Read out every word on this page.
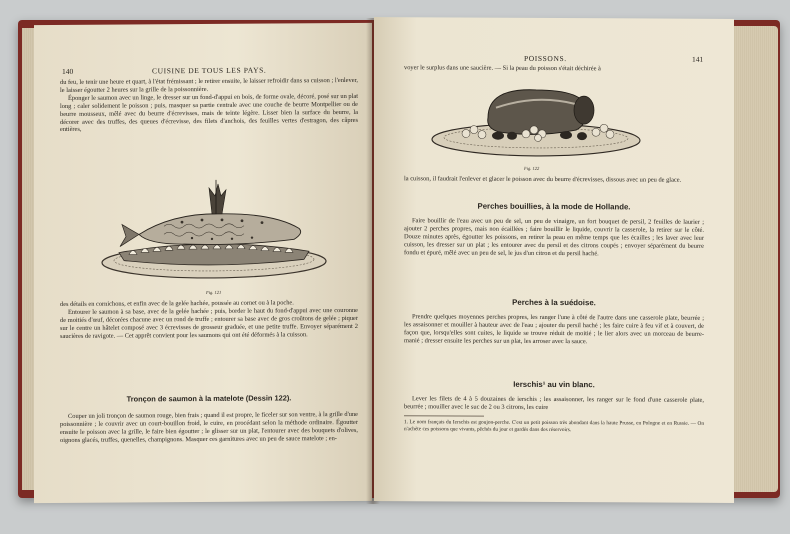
140	CUISINE DE TOUS LES PAYS.

du feu, le tenir une heure et quart, à l'état frémissant ; le retirer ensuite, le laisser refroidir dans sa cuisson ; l'enlever, le laisser égoutter 2 heures sur la grille de la poissonnière.

Éponger le saumon avec un linge, le dresser sur un fond-d'appui en bois, de forme ovale, décoré, posé sur un plat long ; caler solidement le poisson ; puis, masquer sa partie centrale avec une couche de beurre Montpellier ou de beurre mousseux, mêlé avec du beurre d'écrevisses, mais de teinte légère. Lisser bien la surface du beurre, la décorer avec des truffes, des queues d'écrevisse, des filets d'anchois, des feuilles vertes d'estragon, des câpres entières,

Fig. 121

des détails en cornichons, et enfin avec de la gelée hachée, poussée au cornet ou à la poche.

Entourer le saumon à sa base, avec de la gelée hachée ; puis, border le haut du fond-d'appui avec une couronne de moitiés d'œuf, décorées chacune avec un rond de truffe ; entourer sa base avec de gros croûtons de gelée ; piquer sur le centre un hâtelet composé avec 3 écrevisses de grosseur graduée, et une petite truffe. Envoyer séparément 2 saucières de ravigote. — Cet apprêt convient pour les saumons qui ont été déformés à la cuisson.

Tronçon de saumon à la matelote (Dessin 122).

Couper un joli tronçon de saumon rouge, bien frais ; quand il est propre, le ficeler sur son ventre, à la grille d'une poissonnière ; le couvrir avec un court-bouillon froid, le cuire, en procédant selon la méthode ordinaire. Égoutter ensuite le poisson avec la grille, le faire bien égoutter ; le glisser sur un plat, l'entourer avec des bouquets d'olives, oignons glacés, truffes, quenelles, champignons. Masquer ces garnitures avec un peu de sauce matelote ; en-

POISSONS.	141

voyer le surplus dans une saucière. — Si la peau du poisson s'était déchirée à

Fig. 122

la cuisson, il faudrait l'enlever et glacer le poisson avec du beurre d'écrevisses, dissous avec un peu de glace.

Perches bouillies, à la mode de Hollande.

Faire bouillir de l'eau avec un peu de sel, un peu de vinaigre, un fort bouquet de persil, 2 feuilles de laurier ; ajouter 2 perches propres, mais non écaillées ; faire bouillir le liquide, couvrir la casserole, la retirer sur le côté. Douze minutes après, égoutter les poissons, en retirer la peau en même temps que les écailles ; les laver avec leur cuisson, les dresser sur un plat ; les entourer avec du persil et des citrons coupés ; envoyer séparément du beurre fondu et épuré, mêlé avec un peu de sel, le jus d'un citron et du persil haché.

Perches à la suédoise.

Prendre quelques moyennes perches propres, les ranger l'une à côté de l'autre dans une casserole plate, beurrée ; les assaisonner et mouiller à hauteur avec de l'eau ; ajouter du persil haché ; les faire cuire à feu vif et à couvert, de façon que, lorsqu'elles sont cuites, le liquide se trouve réduit de moitié ; le lier alors avec un morceau de beurre-manié ; dresser ensuite les perches sur un plat, les arroser avec la sauce.

Ierschis¹ au vin blanc.

Lever les filets de 4 à 5 douzaines de ierschis ; les assaisonner, les ranger sur le fond d'une casserole plate, beurrée ; mouiller avec le suc de 2 ou 3 citrons, les cuire

1. Le nom français du Ierschis est goujon-perche. C'est un petit poisson très abondant dans la haute Prusse, en Pologne et en Russie. — On n'achète ces poissons que vivants, pêchés du jour et gardés dans des réservoirs.
